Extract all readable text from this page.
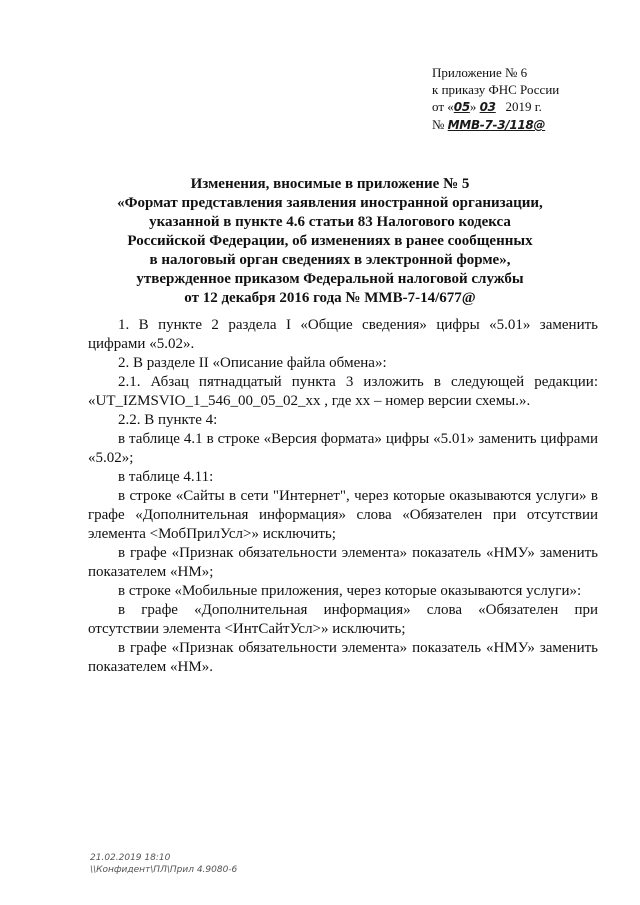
Приложение № 6
к приказу ФНС России
от «05» 03 2019 г.
№ ММВ-7-3/118@
Изменения, вносимые в приложение № 5
«Формат представления заявления иностранной организации,
указанной в пункте 4.6 статьи 83 Налогового кодекса
Российской Федерации, об изменениях в ранее сообщенных
в налоговый орган сведениях в электронной форме»,
утвержденное приказом Федеральной налоговой службы
от 12 декабря 2016 года № ММВ-7-14/677@

1. В пункте 2 раздела I «Общие сведения» цифры «5.01» заменить цифрами «5.02».

2. В разделе II «Описание файла обмена»:

2.1. Абзац пятнадцатый пункта 3 изложить в следующей редакции: «UT_IZMSVIO_1_546_00_05_02_xx , где xx – номер версии схемы.».

2.2. В пункте 4:

в таблице 4.1 в строке «Версия формата» цифры «5.01» заменить цифрами «5.02»;

в таблице 4.11:

в строке «Сайты в сети "Интернет", через которые оказываются услуги» в графе «Дополнительная информация» слова «Обязателен при отсутствии элемента <МобПрилУсл>» исключить;

в графе «Признак обязательности элемента» показатель «НМУ» заменить показателем «НМ»;

в строке «Мобильные приложения, через которые оказываются услуги»:

в графе «Дополнительная информация» слова «Обязателен при отсутствии элемента <ИнтСайтУсл>» исключить;

в графе «Признак обязательности элемента» показатель «НМУ» заменить показателем «НМ».

21.02.2019 18:10
\\Конфидент\ПЛ\Прил 4.9080-6
